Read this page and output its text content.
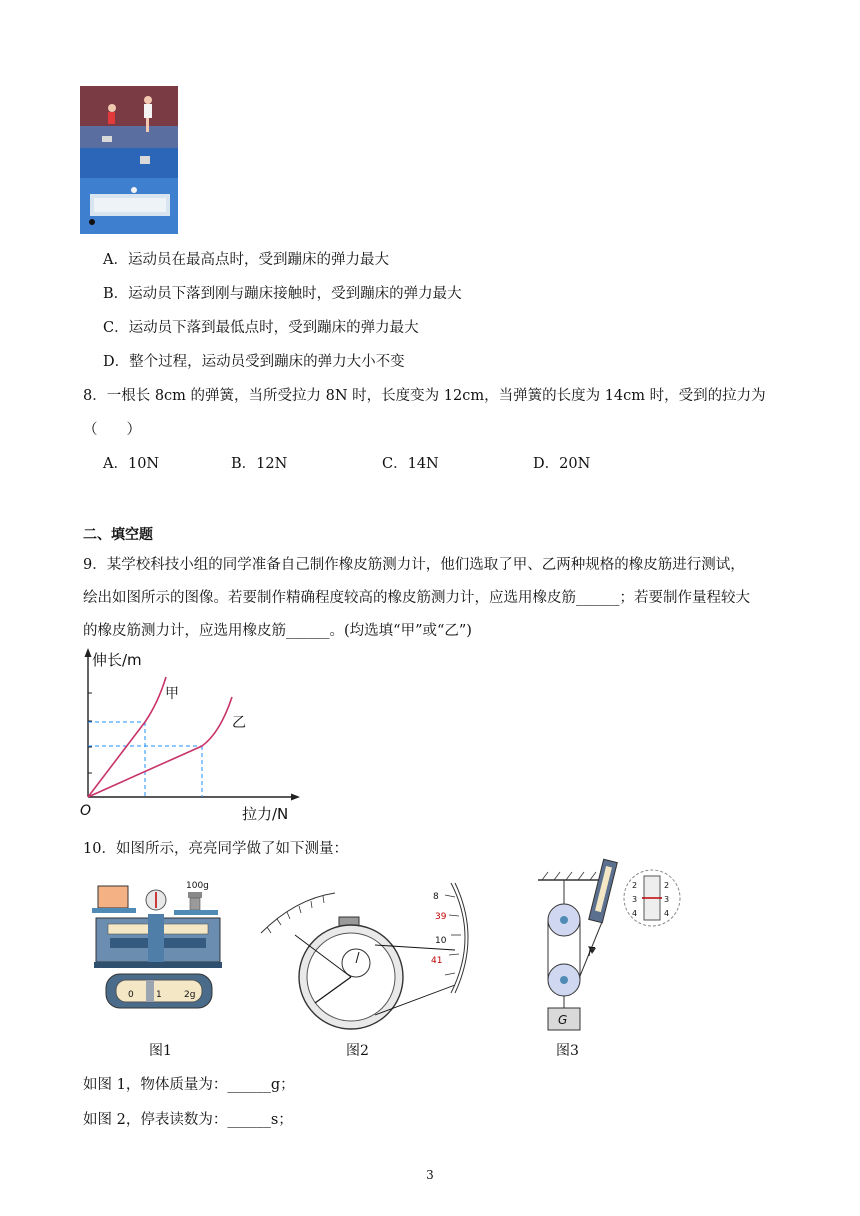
A．运动员在最高点时，受到蹦床的弹力最大
B．运动员下落到刚与蹦床接触时，受到蹦床的弹力最大
C．运动员下落到最低点时，受到蹦床的弹力最大
D．整个过程，运动员受到蹦床的弹力大小不变
8．一根长 8cm 的弹簧，当所受拉力 8N 时，长度变为 12cm，当弹簧的长度为 14cm 时，受到的拉力为
（　　）
A．10N	B．12N	C．14N	D．20N
二、填空题
9．某学校科技小组的同学准备自己制作橡皮筋测力计，他们选取了甲、乙两种规格的橡皮筋进行测试，
绘出如图所示的图像。若要制作精确程度较高的橡皮筋测力计，应选用橡皮筋______；若要制作量程较大
的橡皮筋测力计，应选用橡皮筋______。(均选填“甲”或“乙”)
伸长/m
甲
乙
O	拉力/N
10．如图所示，亮亮同学做了如下测量：
100g
0 1 2g
图1
8
39
10
41
图2
G
F
2
3
4
2
3
4
图3
如图 1，物体质量为：______g；
如图 2，停表读数为：______s；
3
